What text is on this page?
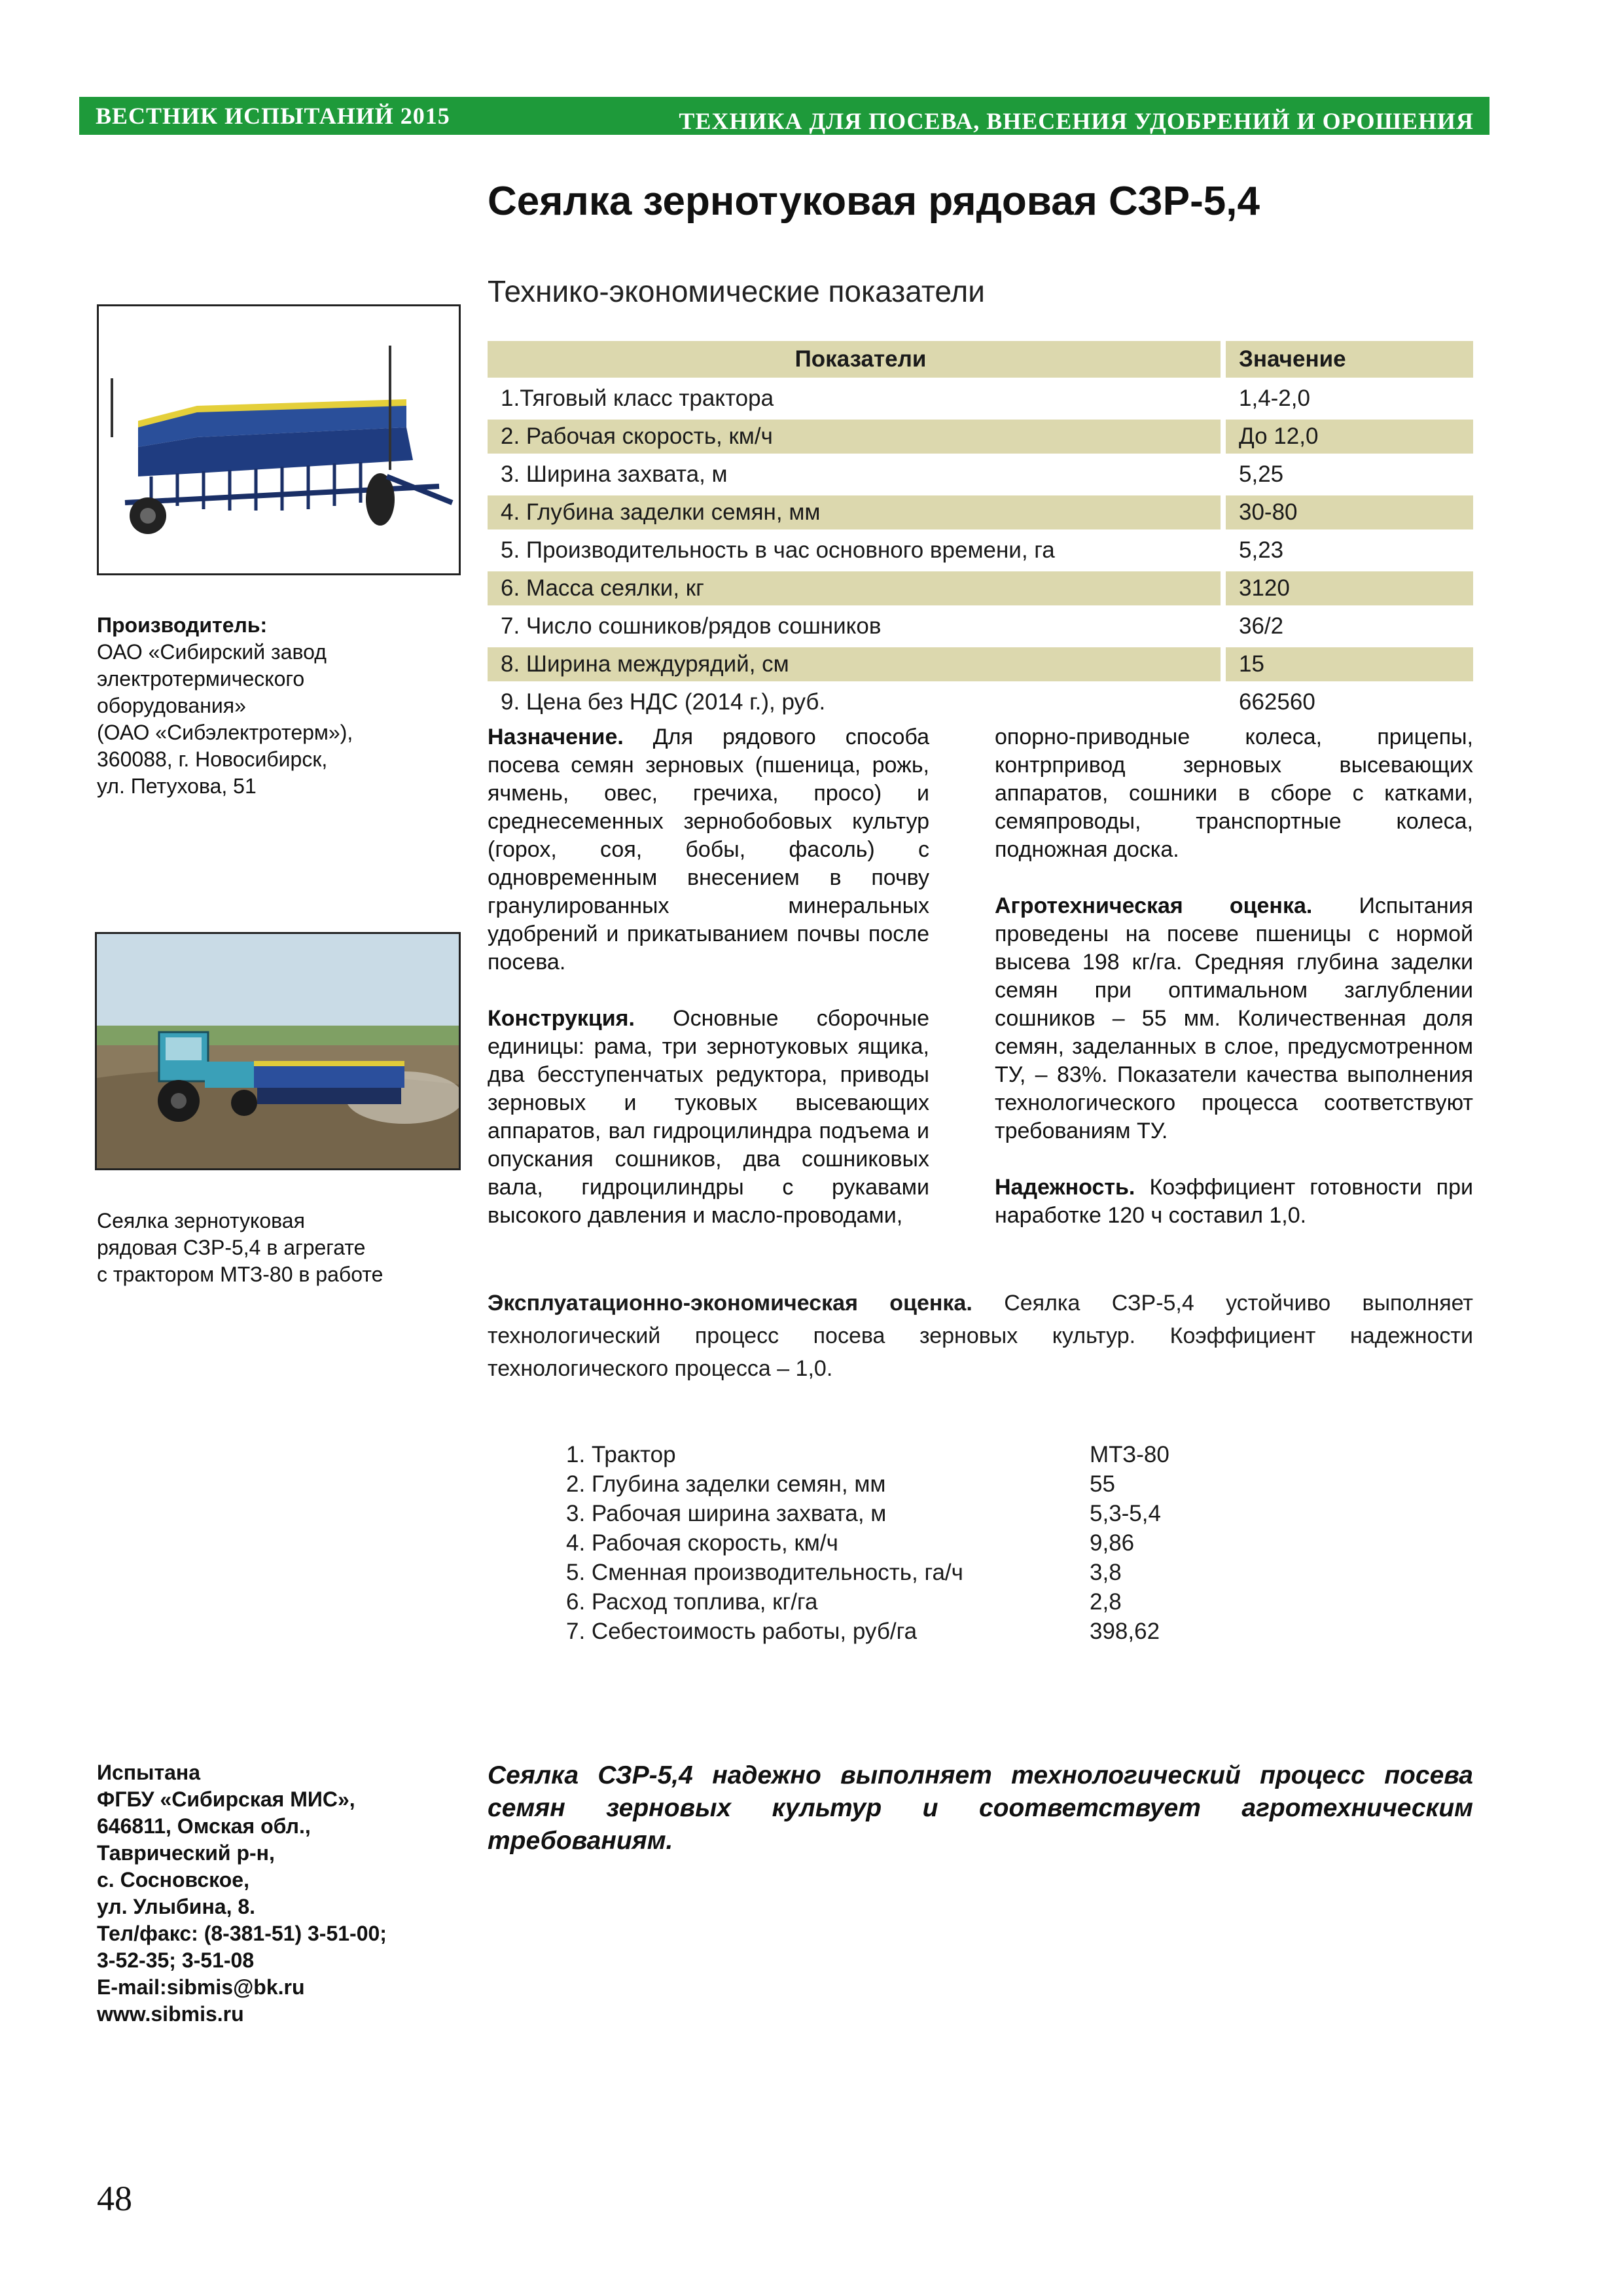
ВЕСТНИК ИСПЫТАНИЙ 2015	ТЕХНИКА ДЛЯ ПОСЕВА, ВНЕСЕНИЯ УДОБРЕНИЙ И ОРОШЕНИЯ
Сеялка зернотуковая рядовая СЗР-5,4
Технико-экономические показатели
Показатели		Значение
1.Тяговый класс трактора		1,4-2,0
2. Рабочая скорость, км/ч		До 12,0
3. Ширина захвата, м		5,25
4. Глубина заделки семян, мм		30-80
5. Производительность в час основного времени, га		5,23
6. Масса сеялки, кг		3120
7. Число сошников/рядов сошников		36/2
8. Ширина междурядий, см		15
9. Цена без НДС (2014 г.), руб.		662560
Производитель:
ОАО «Сибирский завод
электротермического
оборудования»
(ОАО «Сибэлектротерм»),
360088, г. Новосибирск,
ул. Петухова, 51
Сеялка зернотуковая
рядовая СЗР-5,4 в агрегате
с трактором МТЗ-80 в работе

Назначение. Для рядового способа посева семян зерновых (пшеница, рожь, ячмень, овес, гречиха, просо) и среднесеменных зернобобовых культур (горох, соя, бобы, фасоль) с одновременным внесением в почву гранулированных минеральных удобрений и прикатыванием почвы после посева.

Конструкция. Основные сборочные единицы: рама, три зернотуковых ящика, два бесступенчатых редуктора, приводы зерновых и туковых высевающих аппаратов, вал гидроцилиндра подъема и опускания сошников, два сошниковых вала, гидроцилиндры с рукавами высокого давления и масло-проводами,

опорно-приводные колеса, прицепы, контрпривод зерновых высевающих аппаратов, сошники в сборе с катками, семяпроводы, транспортные колеса, подножная доска.

Агротехническая оценка. Испытания проведены на посеве пшеницы с нормой высева 198 кг/га. Средняя глубина заделки семян при оптимальном заглублении сошников – 55 мм. Количественная доля семян, заделанных в слое, предусмотренном ТУ, – 83%. Показатели качества выполнения технологического процесса соответствуют требованиям ТУ.

Надежность. Коэффициент готовности при наработке 120 ч составил 1,0.

Эксплуатационно-экономическая оценка. Сеялка СЗР-5,4 устойчиво выполняет технологический процесс посева зерновых культур. Коэффициент надежности технологического процесса – 1,0.
1. Трактор	МТЗ-80
2. Глубина заделки семян, мм	55
3. Рабочая ширина захвата, м	5,3-5,4
4. Рабочая скорость, км/ч	9,86
5. Сменная производительность, га/ч	3,8
6. Расход топлива, кг/га	2,8
7. Себестоимость работы, руб/га	398,62
Испытана
ФГБУ «Сибирская МИС»,
646811, Омская обл.,
Таврический р-н,
с. Сосновское,
ул. Улыбина, 8.
Тел/факс: (8-381-51) 3-51-00;
3-52-35; 3-51-08
E-mail:sibmis@bk.ru
www.sibmis.ru
Сеялка СЗР-5,4 надежно выполняет технологический процесс посева семян зерновых культур и соответствует агротехническим требованиям.
48
